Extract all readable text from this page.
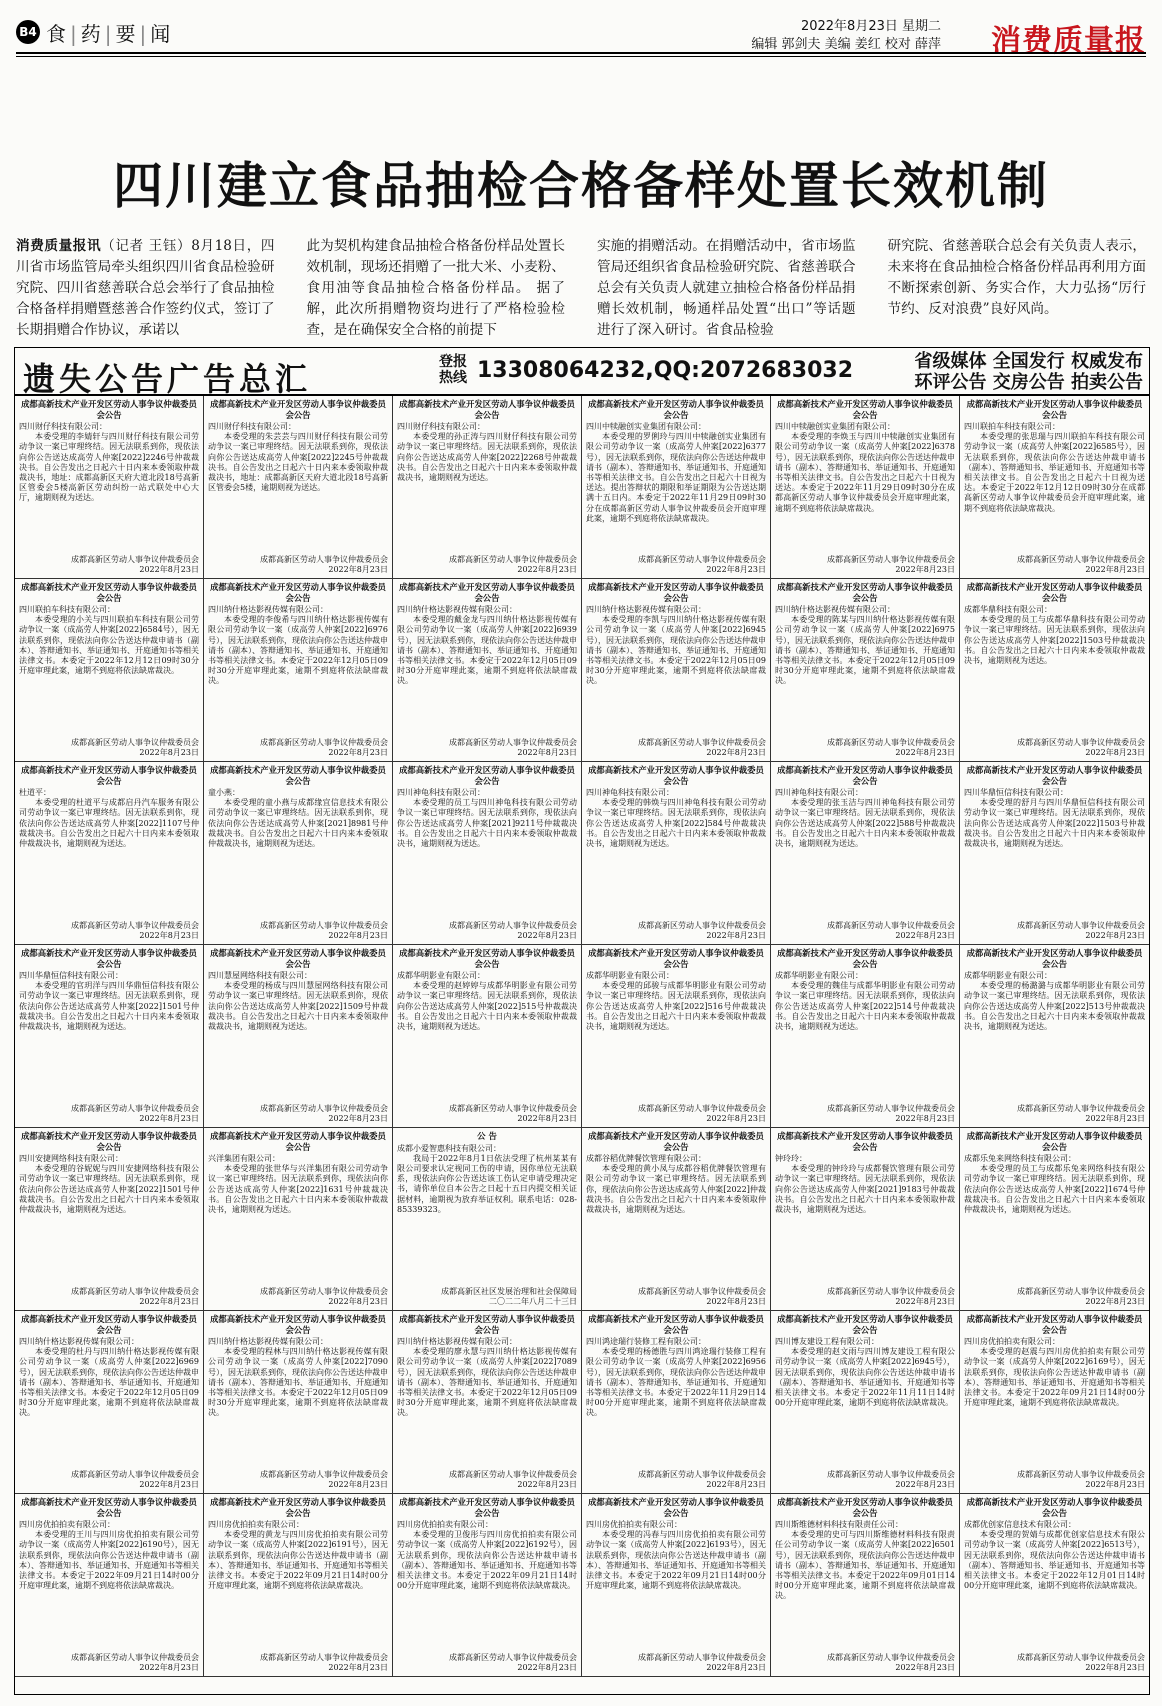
B4 食 | 药 | 要 | 闻	2022年8月23日 星期二
编辑 郭剑夫 美编 姜红 校对 薛萍 消费质量报
四川建立食品抽检合格备样处置长效机制

消费质量报讯（记者 王钰）8月18日，四川省市场监管局牵头组织四川省食品检验研究院、四川省慈善联合总会举行了食品抽检合格备样捐赠暨慈善合作签约仪式，签订了长期捐赠合作协议，承诺以

此为契机构建食品抽检合格备份样品处置长效机制，现场还捐赠了一批大米、小麦粉、食用油等食品抽检合格备份样品。 据了解，此次所捐赠物资均进行了严格检验检查，是在确保安全合格的前提下

实施的捐赠活动。在捐赠活动中，省市场监管局还组织省食品检验研究院、省慈善联合总会有关负责人就建立抽检合格备份样品捐赠长效机制，畅通样品处置“出口”等话题进行了深入研讨。省食品检验

研究院、省慈善联合总会有关负责人表示，未来将在食品抽检合格备份样品再利用方面不断探索创新、务实合作，大力弘扬“厉行节约、反对浪费”良好风尚。

遗失公告广告总汇	登报热线 13308064232,QQ:2072683032	省级媒体 全国发行 权威发布
环评公告 交房公告 拍卖公告
成都高新技术产业开发区劳动人事争议仲裁委员会公告
四川财仔科技有限公司：
本委受理的李婧轩与四川财仔科技有限公司劳动争议一案已审理终结。因无法联系到你，现依法向你公告送达成高劳人仲案[2022]2246号仲裁裁决书。自公告发出之日起六十日内来本委领取仲裁裁决书，地址：成都高新区天府大道北段18号高新区管委会5楼高新区劳动纠纷一站式联处中心大厅，逾期则视为送达。
成都高新区劳动人事争议仲裁委员会
2022年8月23日
成都高新技术产业开发区劳动人事争议仲裁委员会公告
四川财仔科技有限公司：
本委受理的朱芸芸与四川财仔科技有限公司劳动争议一案已审理终结。因无法联系到你，现依法向你公告送达成高劳人仲案[2022]2245号仲裁裁决书。自公告发出之日起六十日内来本委领取仲裁裁决书，地址：成都高新区天府大道北段18号高新区管委会5楼，逾期则视为送达。
成都高新区劳动人事争议仲裁委员会
2022年8月23日
成都高新技术产业开发区劳动人事争议仲裁委员会公告
四川财仔科技有限公司：
本委受理的孙正涛与四川财仔科技有限公司劳动争议一案已审理终结。因无法联系到你，现依法向你公告送达成高劳人仲案[2022]2268号仲裁裁决书。自公告发出之日起六十日内来本委领取仲裁裁决书，逾期则视为送达。
成都高新区劳动人事争议仲裁委员会
2022年8月23日
成都高新技术产业开发区劳动人事争议仲裁委员会公告
四川中犊融创实业集团有限公司：
本委受理的罗俐玲与四川中犊融创实业集团有限公司劳动争议一案（成高劳人仲案[2022]6377号），因无法联系到你，现依法向你公告送达仲裁申请书（副本）、答辩通知书、举证通知书、开庭通知书等相关法律文书。自公告发出之日起六十日视为送达。提出答辩状的期限和举证期限为公告送达期满十五日内。本委定于2022年11月29日09时30分在成都高新区劳动人事争议仲裁委员会开庭审理此案，逾期不到庭将依法缺席裁决。
成都高新区劳动人事争议仲裁委员会
2022年8月23日
成都高新技术产业开发区劳动人事争议仲裁委员会公告
四川中犊融创实业集团有限公司：
本委受理的李焕玉与四川中犊融创实业集团有限公司劳动争议一案（成高劳人仲案[2022]6378号），因无法联系到你，现依法向你公告送达仲裁申请书（副本）、答辩通知书、举证通知书、开庭通知书等相关法律文书。自公告发出之日起六十日视为送达。本委定于2022年11月29日09时30分在成都高新区劳动人事争议仲裁委员会开庭审理此案，逾期不到庭将依法缺席裁决。
成都高新区劳动人事争议仲裁委员会
2022年8月23日
成都高新技术产业开发区劳动人事争议仲裁委员会公告
四川联拍车科技有限公司：
本委受理的张思瑞与四川联拍车科技有限公司劳动争议一案（成高劳人仲案[2022]6585号），因无法联系到你，现依法向你公告送达仲裁申请书（副本）、答辩通知书、举证通知书、开庭通知书等相关法律文书。自公告发出之日起六十日视为送达。本委定于2022年12月12日09时30分在成都高新区劳动人事争议仲裁委员会开庭审理此案，逾期不到庭将依法缺席裁决。
成都高新区劳动人事争议仲裁委员会
2022年8月23日
成都高新技术产业开发区劳动人事争议仲裁委员会公告
四川联拍车科技有限公司：
本委受理的小关与四川联拍车科技有限公司劳动争议一案（成高劳人仲案[2022]6584号），因无法联系到你，现依法向你公告送达仲裁申请书（副本）、答辩通知书、举证通知书、开庭通知书等相关法律文书。本委定于2022年12月12日09时30分开庭审理此案，逾期不到庭将依法缺席裁决。
成都高新区劳动人事争议仲裁委员会
2022年8月23日
成都高新技术产业开发区劳动人事争议仲裁委员会公告
四川纳什格达影视传媒有限公司：
本委受理的李俊希与四川纳什格达影视传媒有限公司劳动争议一案（成高劳人仲案[2022]6976号），因无法联系到你，现依法向你公告送达仲裁申请书（副本）、答辩通知书、举证通知书、开庭通知书等相关法律文书。本委定于2022年12月05日09时30分开庭审理此案，逾期不到庭将依法缺席裁决。
成都高新区劳动人事争议仲裁委员会
2022年8月23日
成都高新技术产业开发区劳动人事争议仲裁委员会公告
四川纳什格达影视传媒有限公司：
本委受理的戴金龙与四川纳什格达影视传媒有限公司劳动争议一案（成高劳人仲案[2022]6939号），因无法联系到你，现依法向你公告送达仲裁申请书（副本）、答辩通知书、举证通知书、开庭通知书等相关法律文书。本委定于2022年12月05日09时30分开庭审理此案，逾期不到庭将依法缺席裁决。
成都高新区劳动人事争议仲裁委员会
2022年8月23日
成都高新技术产业开发区劳动人事争议仲裁委员会公告
四川纳什格达影视传媒有限公司：
本委受理的李凯与四川纳什格达影视传媒有限公司劳动争议一案（成高劳人仲案[2022]6945号），因无法联系到你，现依法向你公告送达仲裁申请书（副本）、答辩通知书、举证通知书、开庭通知书等相关法律文书。本委定于2022年12月05日09时30分开庭审理此案，逾期不到庭将依法缺席裁决。
成都高新区劳动人事争议仲裁委员会
2022年8月23日
成都高新技术产业开发区劳动人事争议仲裁委员会公告
四川纳什格达影视传媒有限公司：
本委受理的陈某与四川纳什格达影视传媒有限公司劳动争议一案（成高劳人仲案[2022]6975号），因无法联系到你，现依法向你公告送达仲裁申请书（副本）、答辩通知书、举证通知书、开庭通知书等相关法律文书。本委定于2022年12月05日09时30分开庭审理此案，逾期不到庭将依法缺席裁决。
成都高新区劳动人事争议仲裁委员会
2022年8月23日
成都高新技术产业开发区劳动人事争议仲裁委员会公告
成都华鼎科技有限公司：
本委受理的员工与成都华鼎科技有限公司劳动争议一案已审理终结。因无法联系到你，现依法向你公告送达成高劳人仲案[2022]1503号仲裁裁决书。自公告发出之日起六十日内来本委领取仲裁裁决书，逾期则视为送达。
成都高新区劳动人事争议仲裁委员会
2022年8月23日
成都高新技术产业开发区劳动人事争议仲裁委员会公告
杜道平：
本委受理的杜道平与成都启丹汽车服务有限公司劳动争议一案已审理终结。因无法联系到你，现依法向你公告送达成高劳人仲案[2022]1107号仲裁裁决书。自公告发出之日起六十日内来本委领取仲裁裁决书，逾期则视为送达。
成都高新区劳动人事争议仲裁委员会
2022年8月23日
成都高新技术产业开发区劳动人事争议仲裁委员会公告
童小燕：
本委受理的童小燕与成都缘宜信息技术有限公司劳动争议一案已审理终结。因无法联系到你，现依法向你公告送达成高劳人仲案[2021]8981号仲裁裁决书。自公告发出之日起六十日内来本委领取仲裁裁决书，逾期则视为送达。
成都高新区劳动人事争议仲裁委员会
2022年8月23日
成都高新技术产业开发区劳动人事争议仲裁委员会公告
四川神龟科技有限公司：
本委受理的员工与四川神龟科技有限公司劳动争议一案已审理终结。因无法联系到你，现依法向你公告送达成高劳人仲案[2021]9211号仲裁裁决书。自公告发出之日起六十日内来本委领取仲裁裁决书，逾期则视为送达。
成都高新区劳动人事争议仲裁委员会
2022年8月23日
成都高新技术产业开发区劳动人事争议仲裁委员会公告
四川神龟科技有限公司：
本委受理的韩焕与四川神龟科技有限公司劳动争议一案已审理终结。因无法联系到你，现依法向你公告送达成高劳人仲案[2022]584号仲裁裁决书。自公告发出之日起六十日内来本委领取仲裁裁决书，逾期则视为送达。
成都高新区劳动人事争议仲裁委员会
2022年8月23日
成都高新技术产业开发区劳动人事争议仲裁委员会公告
四川神龟科技有限公司：
本委受理的张玉洁与四川神龟科技有限公司劳动争议一案已审理终结。因无法联系到你，现依法向你公告送达成高劳人仲案[2022]588号仲裁裁决书。自公告发出之日起六十日内来本委领取仲裁裁决书，逾期则视为送达。
成都高新区劳动人事争议仲裁委员会
2022年8月23日
成都高新技术产业开发区劳动人事争议仲裁委员会公告
四川华鼎恒信科技有限公司：
本委受理的舒月与四川华鼎恒信科技有限公司劳动争议一案已审理终结。因无法联系到你，现依法向你公告送达成高劳人仲案[2022]1503号仲裁裁决书。自公告发出之日起六十日内来本委领取仲裁裁决书，逾期则视为送达。
成都高新区劳动人事争议仲裁委员会
2022年8月23日
成都高新技术产业开发区劳动人事争议仲裁委员会公告
四川华鼎恒信科技有限公司：
本委受理的官玥洋与四川华鼎恒信科技有限公司劳动争议一案已审理终结。因无法联系到你，现依法向你公告送达成高劳人仲案[2022]1501号仲裁裁决书。自公告发出之日起六十日内来本委领取仲裁裁决书，逾期则视为送达。
成都高新区劳动人事争议仲裁委员会
2022年8月23日
成都高新技术产业开发区劳动人事争议仲裁委员会公告
四川慧屋网络科技有限公司：
本委受理的杨成与四川慧屋网络科技有限公司劳动争议一案已审理终结。因无法联系到你，现依法向你公告送达成高劳人仲案[2022]1509号仲裁裁决书。自公告发出之日起六十日内来本委领取仲裁裁决书，逾期则视为送达。
成都高新区劳动人事争议仲裁委员会
2022年8月23日
成都高新技术产业开发区劳动人事争议仲裁委员会公告
成都华明影业有限公司：
本委受理的赵婷婷与成都华明影业有限公司劳动争议一案已审理终结。因无法联系到你，现依法向你公告送达成高劳人仲案[2022]515号仲裁裁决书。自公告发出之日起六十日内来本委领取仲裁裁决书，逾期则视为送达。
成都高新区劳动人事争议仲裁委员会
2022年8月23日
成都高新技术产业开发区劳动人事争议仲裁委员会公告
成都华明影业有限公司：
本委受理的邱骏与成都华明影业有限公司劳动争议一案已审理终结。因无法联系到你，现依法向你公告送达成高劳人仲案[2022]516号仲裁裁决书。自公告发出之日起六十日内来本委领取仲裁裁决书，逾期则视为送达。
成都高新区劳动人事争议仲裁委员会
2022年8月23日
成都高新技术产业开发区劳动人事争议仲裁委员会公告
成都华明影业有限公司：
本委受理的魏佳与成都华明影业有限公司劳动争议一案已审理终结。因无法联系到你，现依法向你公告送达成高劳人仲案[2022]514号仲裁裁决书。自公告发出之日起六十日内来本委领取仲裁裁决书，逾期则视为送达。
成都高新区劳动人事争议仲裁委员会
2022年8月23日
成都高新技术产业开发区劳动人事争议仲裁委员会公告
成都华明影业有限公司：
本委受理的杨潞潞与成都华明影业有限公司劳动争议一案已审理终结。因无法联系到你，现依法向你公告送达成高劳人仲案[2022]513号仲裁裁决书。自公告发出之日起六十日内来本委领取仲裁裁决书，逾期则视为送达。
成都高新区劳动人事争议仲裁委员会
2022年8月23日
成都高新技术产业开发区劳动人事争议仲裁委员会公告
四川安捷网络科技有限公司：
本委受理的谷妮妮与四川安捷网络科技有限公司劳动争议一案已审理终结。因无法联系到你，现依法向你公告送达成高劳人仲案[2022]1501号仲裁裁决书。自公告发出之日起六十日内来本委领取仲裁裁决书，逾期则视为送达。
成都高新区劳动人事争议仲裁委员会
2022年8月23日
成都高新技术产业开发区劳动人事争议仲裁委员会公告
兴洋集团有限公司：
本委受理的张世华与兴洋集团有限公司劳动争议一案已审理终结。因无法联系到你，现依法向你公告送达成高劳人仲案[2022]1631号仲裁裁决书。自公告发出之日起六十日内来本委领取仲裁裁决书，逾期则视为送达。
成都高新区劳动人事争议仲裁委员会
2022年8月23日
公 告
成都小爱智惠科技有限公司：
我局于2022年8月1日依法受理了杭州某某有限公司要求认定视同工伤的申请，因你单位无法联系，现依法向你公告送达该工伤认定申请受理决定书，请你单位自本公告之日起十五日内提交相关证据材料，逾期视为放弃举证权利。联系电话：028-85339323。
成都高新区社区发展治理和社会保障局
二〇二二年八月二十三日
成都高新技术产业开发区劳动人事争议仲裁委员会公告
成都谷稻优牌餐饮管理有限公司：
本委受理的黄小凤与成都谷稻优牌餐饮管理有限公司劳动争议一案已审理终结。因无法联系到你，现依法向你公告送达成高劳人仲案[2022]仲裁裁决书。自公告发出之日起六十日内来本委领取仲裁裁决书，逾期则视为送达。
成都高新区劳动人事争议仲裁委员会
2022年8月23日
成都高新技术产业开发区劳动人事争议仲裁委员会公告
钟玲玲：
本委受理的钟玲玲与成都餐饮管理有限公司劳动争议一案已审理终结。因无法联系到你，现依法向你公告送达成高劳人仲案[2021]9183号仲裁裁决书。自公告发出之日起六十日内来本委领取仲裁裁决书，逾期则视为送达。
成都高新区劳动人事争议仲裁委员会
2022年8月23日
成都高新技术产业开发区劳动人事争议仲裁委员会公告
成都乐兔来网络科技有限公司：
本委受理的员工与成都乐兔来网络科技有限公司劳动争议一案已审理终结。因无法联系到你，现依法向你公告送达成高劳人仲案[2022]1674号仲裁裁决书。自公告发出之日起六十日内来本委领取仲裁裁决书，逾期则视为送达。
成都高新区劳动人事争议仲裁委员会
2022年8月23日
成都高新技术产业开发区劳动人事争议仲裁委员会公告
四川纳什格达影视传媒有限公司：
本委受理的杜丹与四川纳什格达影视传媒有限公司劳动争议一案（成高劳人仲案[2022]6969号），因无法联系到你，现依法向你公告送达仲裁申请书（副本）、答辩通知书、举证通知书、开庭通知书等相关法律文书。本委定于2022年12月05日09时30分开庭审理此案，逾期不到庭将依法缺席裁决。
成都高新区劳动人事争议仲裁委员会
2022年8月23日
成都高新技术产业开发区劳动人事争议仲裁委员会公告
四川纳什格达影视传媒有限公司：
本委受理的程林与四川纳什格达影视传媒有限公司劳动争议一案（成高劳人仲案[2022]7090号），因无法联系到你，现依法向你公告送达仲裁申请书（副本）、答辩通知书、举证通知书、开庭通知书等相关法律文书。本委定于2022年12月05日09时30分开庭审理此案，逾期不到庭将依法缺席裁决。
成都高新区劳动人事争议仲裁委员会
2022年8月23日
成都高新技术产业开发区劳动人事争议仲裁委员会公告
四川纳什格达影视传媒有限公司：
本委受理的廖永慧与四川纳什格达影视传媒有限公司劳动争议一案（成高劳人仲案[2022]7089号），因无法联系到你，现依法向你公告送达仲裁申请书（副本）、答辩通知书、举证通知书、开庭通知书等相关法律文书。本委定于2022年12月05日09时30分开庭审理此案，逾期不到庭将依法缺席裁决。
成都高新区劳动人事争议仲裁委员会
2022年8月23日
成都高新技术产业开发区劳动人事争议仲裁委员会公告
四川鸿途瑞行装修工程有限公司：
本委受理的杨德胜与四川鸿途瑞行装修工程有限公司劳动争议一案（成高劳人仲案[2022]6956号），因无法联系到你，现依法向你公告送达仲裁申请书（副本）、答辩通知书、举证通知书、开庭通知书等相关法律文书。本委定于2022年11月29日14时00分开庭审理此案，逾期不到庭将依法缺席裁决。
成都高新区劳动人事争议仲裁委员会
2022年8月23日
成都高新技术产业开发区劳动人事争议仲裁委员会公告
四川博友建设工程有限公司：
本委受理的赵文雨与四川博友建设工程有限公司劳动争议一案（成高劳人仲案[2022]6945号），因无法联系到你，现依法向你公告送达仲裁申请书（副本）、答辩通知书、举证通知书、开庭通知书等相关法律文书。本委定于2022年11月11日14时00分开庭审理此案，逾期不到庭将依法缺席裁决。
成都高新区劳动人事争议仲裁委员会
2022年8月23日
成都高新技术产业开发区劳动人事争议仲裁委员会公告
四川房优拍拍卖有限公司：
本委受理的赵震与四川房优拍拍卖有限公司劳动争议一案（成高劳人仲案[2022]6169号），因无法联系到你，现依法向你公告送达仲裁申请书（副本）、答辩通知书、举证通知书、开庭通知书等相关法律文书。本委定于2022年09月21日14时00分开庭审理此案，逾期不到庭将依法缺席裁决。
成都高新区劳动人事争议仲裁委员会
2022年8月23日
成都高新技术产业开发区劳动人事争议仲裁委员会公告
四川房优拍拍卖有限公司：
本委受理的王川与四川房优拍拍卖有限公司劳动争议一案（成高劳人仲案[2022]6190号），因无法联系到你，现依法向你公告送达仲裁申请书（副本）、答辩通知书、举证通知书、开庭通知书等相关法律文书。本委定于2022年09月21日14时00分开庭审理此案，逾期不到庭将依法缺席裁决。
成都高新区劳动人事争议仲裁委员会
2022年8月23日
成都高新技术产业开发区劳动人事争议仲裁委员会公告
四川房优拍拍卖有限公司：
本委受理的黄龙与四川房优拍拍卖有限公司劳动争议一案（成高劳人仲案[2022]6191号），因无法联系到你，现依法向你公告送达仲裁申请书（副本）、答辩通知书、举证通知书、开庭通知书等相关法律文书。本委定于2022年09月21日14时00分开庭审理此案，逾期不到庭将依法缺席裁决。
成都高新区劳动人事争议仲裁委员会
2022年8月23日
成都高新技术产业开发区劳动人事争议仲裁委员会公告
四川房优拍拍卖有限公司：
本委受理的卫俊彤与四川房优拍拍卖有限公司劳动争议一案（成高劳人仲案[2022]6192号），因无法联系到你，现依法向你公告送达仲裁申请书（副本）、答辩通知书、举证通知书、开庭通知书等相关法律文书。本委定于2022年09月21日14时00分开庭审理此案，逾期不到庭将依法缺席裁决。
成都高新区劳动人事争议仲裁委员会
2022年8月23日
成都高新技术产业开发区劳动人事争议仲裁委员会公告
四川房优拍拍卖有限公司：
本委受理的冯春与四川房优拍拍卖有限公司劳动争议一案（成高劳人仲案[2022]6193号），因无法联系到你，现依法向你公告送达仲裁申请书（副本）、答辩通知书、举证通知书、开庭通知书等相关法律文书。本委定于2022年09月21日14时00分开庭审理此案，逾期不到庭将依法缺席裁决。
成都高新区劳动人事争议仲裁委员会
2022年8月23日
成都高新技术产业开发区劳动人事争议仲裁委员会公告
四川斯维德材料科技有限责任公司：
本委受理的史可与四川斯维德材料科技有限责任公司劳动争议一案（成高劳人仲案[2022]6501号），因无法联系到你，现依法向你公告送达仲裁申请书（副本）、答辩通知书、举证通知书、开庭通知书等相关法律文书。本委定于2022年09月01日14时00分开庭审理此案，逾期不到庭将依法缺席裁决。
成都高新区劳动人事争议仲裁委员会
2022年8月23日
成都高新技术产业开发区劳动人事争议仲裁委员会公告
成都优创家信息技术有限公司：
本委受理的贺婧与成都优创家信息技术有限公司劳动争议一案（成高劳人仲案[2022]6513号），因无法联系到你，现依法向你公告送达仲裁申请书（副本）、答辩通知书、举证通知书、开庭通知书等相关法律文书。本委定于2022年12月01日14时00分开庭审理此案，逾期不到庭将依法缺席裁决。
成都高新区劳动人事争议仲裁委员会
2022年8月23日
